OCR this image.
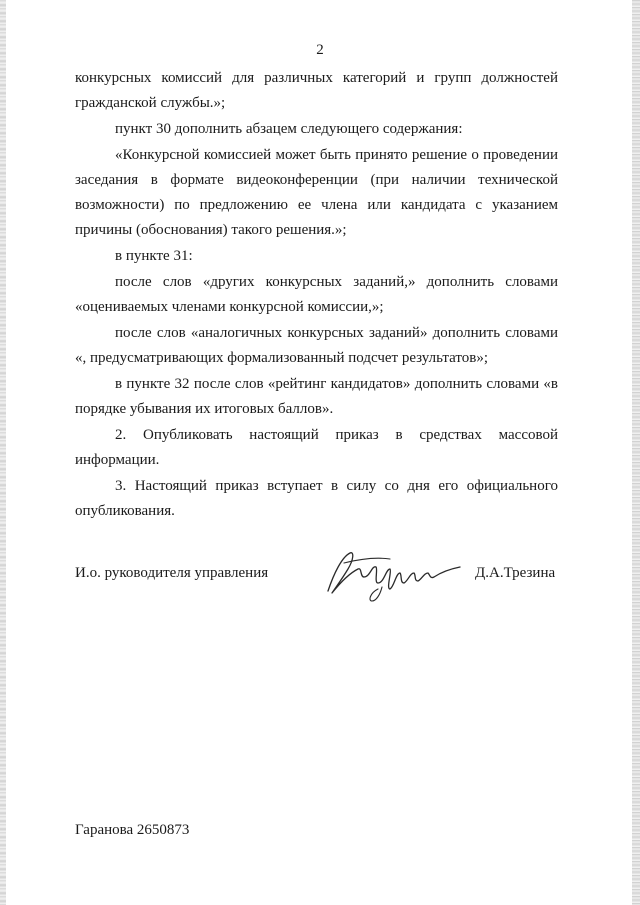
2

конкурсных комиссий для различных категорий и групп должностей гражданской службы.»;

пункт 30 дополнить абзацем следующего содержания:

«Конкурсной комиссией может быть принято решение о проведении заседания в формате видеоконференции (при наличии технической возможности) по предложению ее члена или кандидата с указанием причины (обоснования) такого решения.»;

в пункте 31:

после слов «других конкурсных заданий,» дополнить словами «оцениваемых членами конкурсной комиссии,»;

после слов «аналогичных конкурсных заданий» дополнить словами «, предусматривающих формализованный подсчет результатов»;

в пункте 32 после слов «рейтинг кандидатов» дополнить словами «в порядке убывания их итоговых баллов».

2. Опубликовать настоящий приказ в средствах массовой информации.

3. Настоящий приказ вступает в силу со дня его официального опубликования.

И.о. руководителя управления	Д.А.Трезина
Гаранова 2650873
